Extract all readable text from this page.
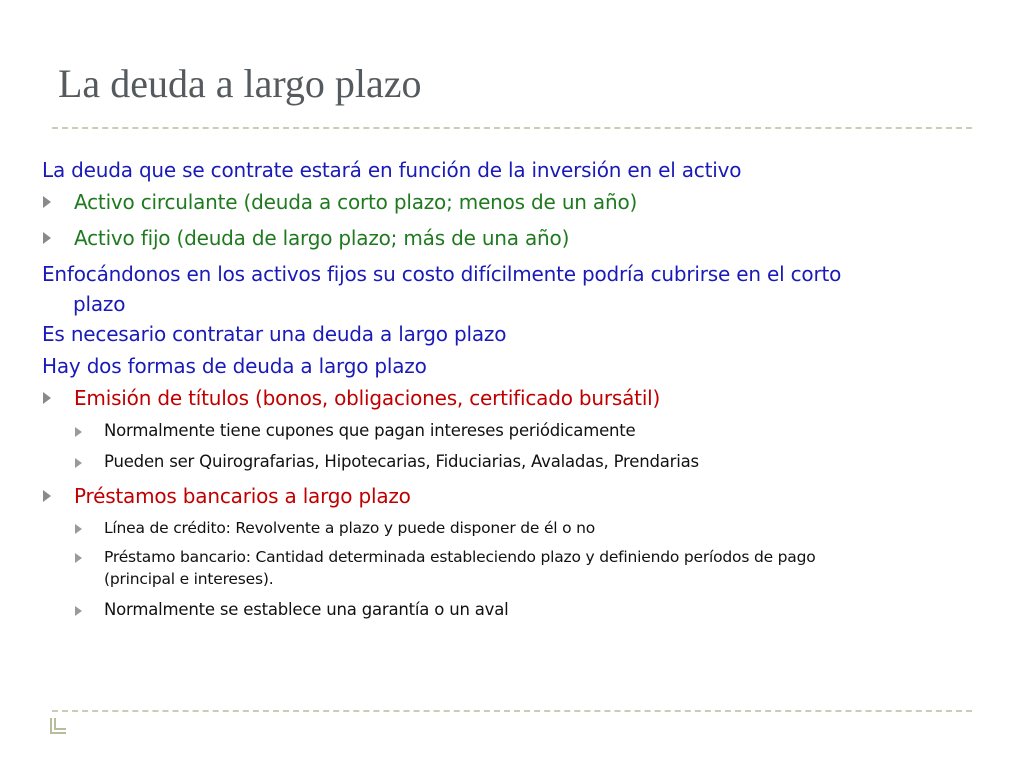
La deuda a largo plazo
La deuda que se contrate estará en función de la inversión en el activo
Activo circulante (deuda a corto plazo; menos de un año)
Activo fijo (deuda de largo plazo; más de una año)
Enfocándonos en los activos fijos su costo difícilmente podría cubrirse en el corto
plazo
Es necesario contratar una deuda a largo plazo
Hay dos formas de deuda a largo plazo
Emisión de títulos (bonos, obligaciones, certificado bursátil)
Normalmente tiene cupones que pagan intereses periódicamente
Pueden ser Quirografarias, Hipotecarias, Fiduciarias, Avaladas, Prendarias
Préstamos bancarios a largo plazo
Línea de crédito: Revolvente a plazo y puede disponer de él o no
Préstamo bancario: Cantidad determinada estableciendo plazo y definiendo períodos de pago
(principal e intereses).
Normalmente se establece una garantía o un aval
